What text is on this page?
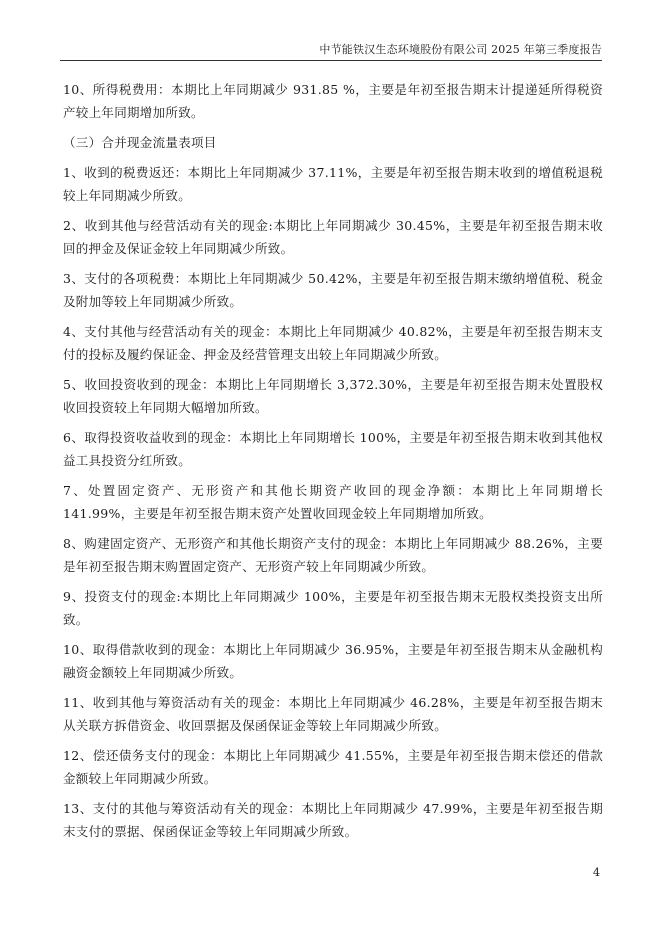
中节能铁汉生态环境股份有限公司 2025 年第三季度报告

10、所得税费用：本期比上年同期减少 931.85 %，主要是年初至报告期末计提递延所得税资产较上年同期增加所致。

（三）合并现金流量表项目

1、收到的税费返还：本期比上年同期减少 37.11%，主要是年初至报告期末收到的增值税退税较上年同期减少所致。

2、收到其他与经营活动有关的现金:本期比上年同期减少 30.45%，主要是年初至报告期末收回的押金及保证金较上年同期减少所致。

3、支付的各项税费：本期比上年同期减少 50.42%，主要是年初至报告期末缴纳增值税、税金及附加等较上年同期减少所致。

4、支付其他与经营活动有关的现金：本期比上年同期减少 40.82%，主要是年初至报告期末支付的投标及履约保证金、押金及经营管理支出较上年同期减少所致。

5、收回投资收到的现金：本期比上年同期增长 3,372.30%，主要是年初至报告期末处置股权收回投资较上年同期大幅增加所致。

6、取得投资收益收到的现金：本期比上年同期增长 100%，主要是年初至报告期末收到其他权益工具投资分红所致。

7、处置固定资产、无形资产和其他长期资产收回的现金净额：本期比上年同期增长 141.99%，主要是年初至报告期末资产处置收回现金较上年同期增加所致。

8、购建固定资产、无形资产和其他长期资产支付的现金：本期比上年同期减少 88.26%，主要是年初至报告期末购置固定资产、无形资产较上年同期减少所致。

9、投资支付的现金:本期比上年同期减少 100%，主要是年初至报告期末无股权类投资支出所致。

10、取得借款收到的现金：本期比上年同期减少 36.95%，主要是年初至报告期末从金融机构融资金额较上年同期减少所致。

11、收到其他与筹资活动有关的现金：本期比上年同期减少 46.28%，主要是年初至报告期末从关联方拆借资金、收回票据及保函保证金等较上年同期减少所致。

12、偿还债务支付的现金：本期比上年同期减少 41.55%，主要是年初至报告期末偿还的借款金额较上年同期减少所致。

13、支付的其他与筹资活动有关的现金：本期比上年同期减少 47.99%，主要是年初至报告期末支付的票据、保函保证金等较上年同期减少所致。

4
